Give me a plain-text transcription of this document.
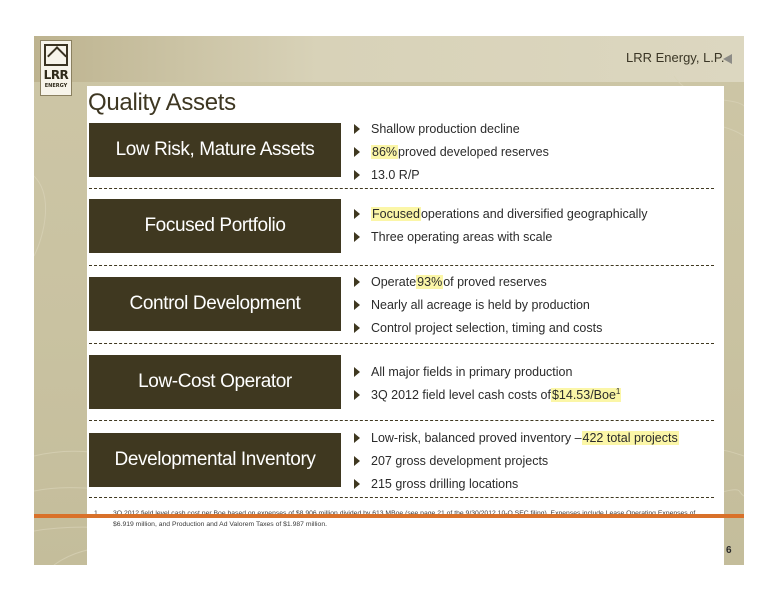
LRR
ENERGY
LRR Energy, L.P.
Quality Assets
Low Risk, Mature Assets
Shallow production decline
86% proved developed reserves
13.0 R/P
Focused Portfolio
Focused operations and diversified geographically
Three operating areas with scale
Control Development
Operate 93% of proved reserves
Nearly all acreage is held by production
Control project selection, timing and costs
Low-Cost Operator	All major fields in primary production
3Q 2012 field level cash costs of $14.53/Boe$^1$
Developmental Inventory
Low-risk, balanced proved inventory – 422 total projects
207 gross development projects
215 gross drilling locations
$6.919 million, and Production and Ad Valorem Taxes of $1.987 million.
6
